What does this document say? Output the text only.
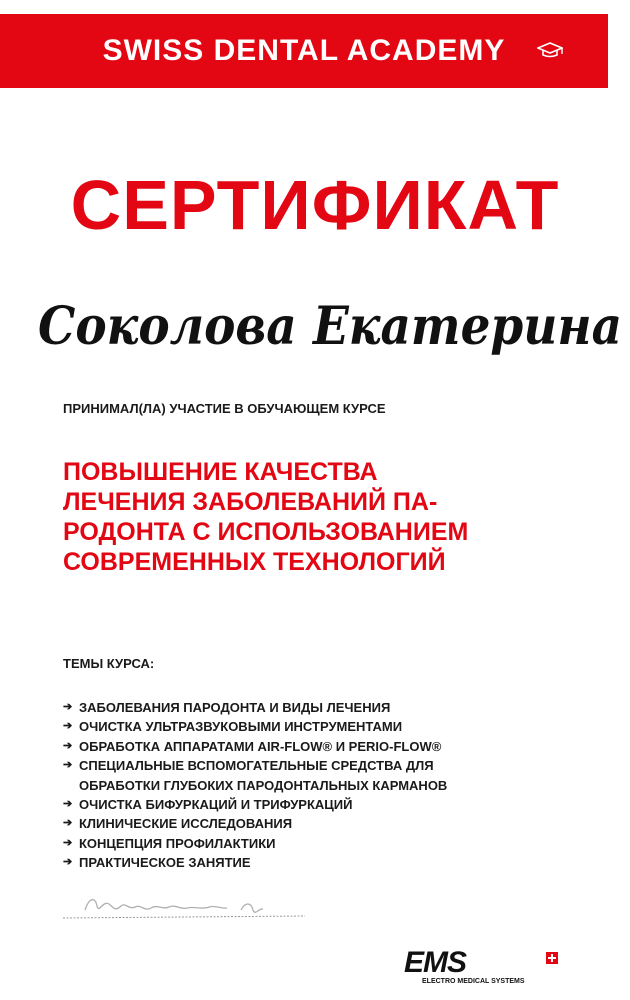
SWISS DENTAL ACADEMY
СЕРТИФИКАТ
Соколова Екатерина
ПРИНИМАЛ(ЛА) УЧАСТИЕ В ОБУЧАЮЩЕМ КУРСЕ
ПОВЫШЕНИЕ КАЧЕСТВА
ЛЕЧЕНИЯ ЗАБОЛЕВАНИЙ ПА-
РОДОНТА С ИСПОЛЬЗОВАНИЕМ
СОВРЕМЕННЫХ ТЕХНОЛОГИЙ
ТЕМЫ КУРСА:
➔ ЗАБОЛЕВАНИЯ ПАРОДОНТА И ВИДЫ ЛЕЧЕНИЯ
➔ ОЧИСТКА УЛЬТРАЗВУКОВЫМИ ИНСТРУМЕНТАМИ
➔ ОБРАБОТКА АППАРАТАМИ AIR-FLOW® И PERIO-FLOW®
➔ СПЕЦИАЛЬНЫЕ ВСПОМОГАТЕЛЬНЫЕ СРЕДСТВА ДЛЯ
ОБРАБОТКИ ГЛУБОКИХ ПАРОДОНТАЛЬНЫХ КАРМАНОВ
➔ ОЧИСТКА БИФУРКАЦИЙ И ТРИФУРКАЦИЙ
➔ КЛИНИЧЕСКИЕ ИССЛЕДОВАНИЯ
➔ КОНЦЕПЦИЯ ПРОФИЛАКТИКИ
➔ ПРАКТИЧЕСКОЕ ЗАНЯТИЕ
EMS
ELECTRO MEDICAL SYSTEMS
